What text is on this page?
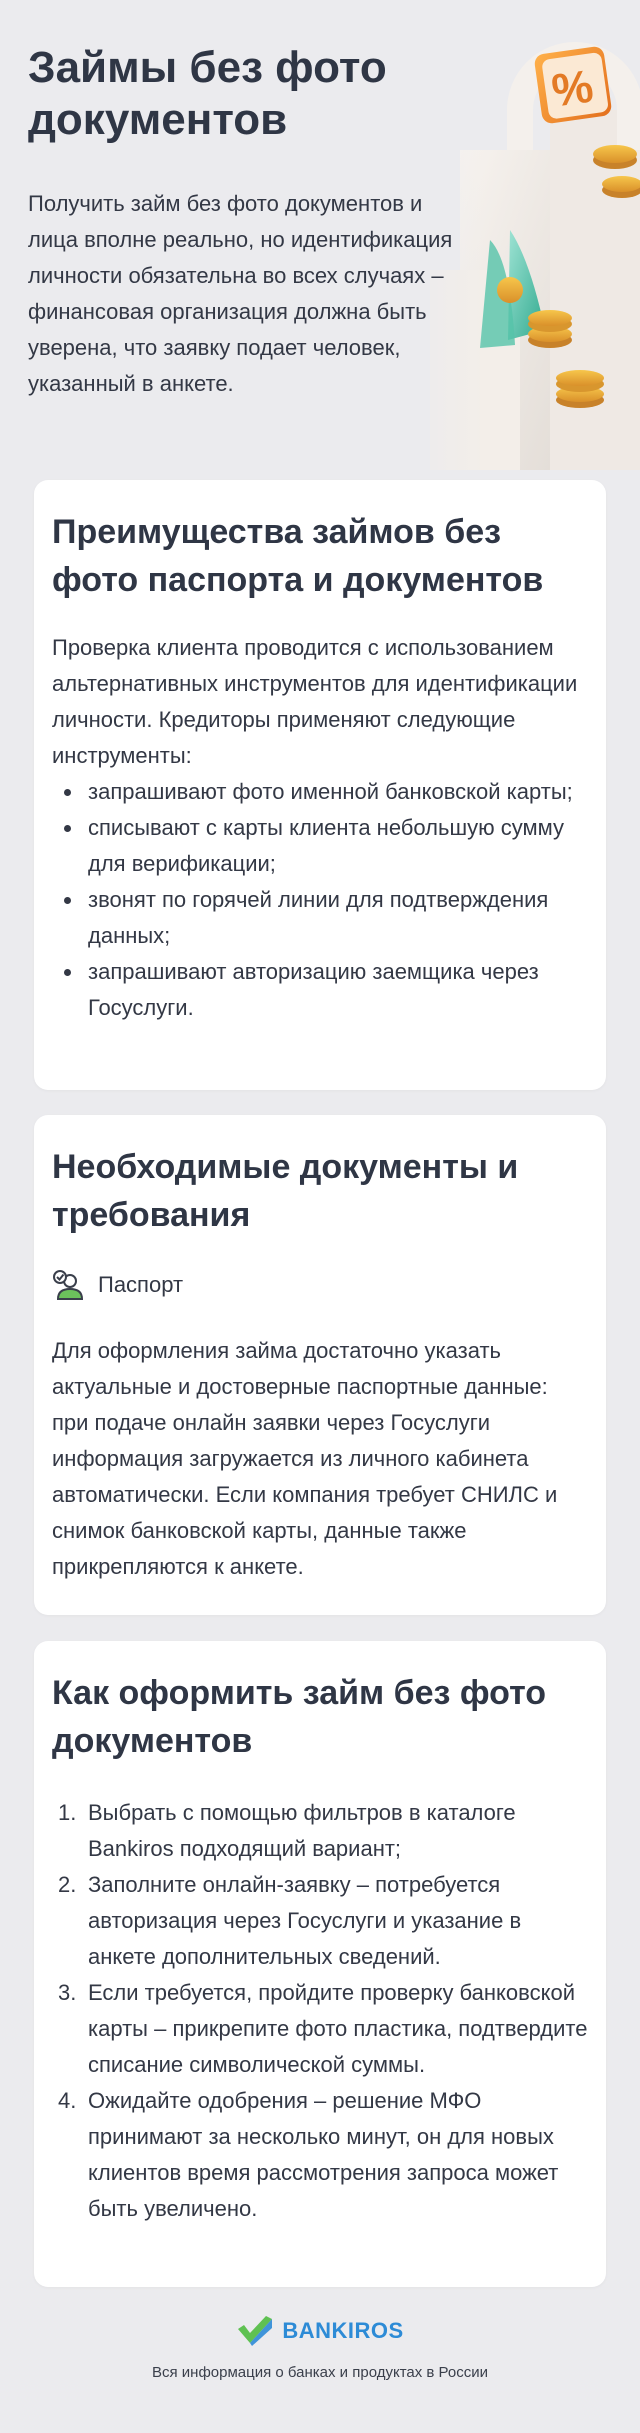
Займы без фото документов

Получить займ без фото документов и лица вполне реально, но идентификация личности обязательна во всех случаях – финансовая организация должна быть уверена, что заявку подает человек, указанный в анкете.

Преимущества займов без фото паспорта и документов

Проверка клиента проводится с использованием альтернативных инструментов для идентификации личности. Кредиторы применяют следующие инструменты:

запрашивают фото именной банковской карты;
списывают с карты клиента небольшую сумму для верификации;
звонят по горячей линии для подтверждения данных;
запрашивают авторизацию заемщика через Госуслуги.
Необходимые документы и требования
Паспорт

Для оформления займа достаточно указать актуальные и достоверные паспортные данные: при подаче онлайн заявки через Госуслуги информация загружается из личного кабинета автоматически. Если компания требует СНИЛС и снимок банковской карты, данные также прикрепляются к анкете.

Как оформить займ без фото документов
1. Выбрать с помощью фильтров в каталоге Bankiros подходящий вариант;
2. Заполните онлайн-заявку – потребуется авторизация через Госуслуги и указание в анкете дополнительных сведений.
3. Если требуется, пройдите проверку банковской карты – прикрепите фото пластика, подтвердите списание символической суммы.
4. Ожидайте одобрения – решение МФО принимают за несколько минут, он для новых клиентов время рассмотрения запроса может быть увеличено.
BANKIROS
Вся информация о банках и продуктах в России
